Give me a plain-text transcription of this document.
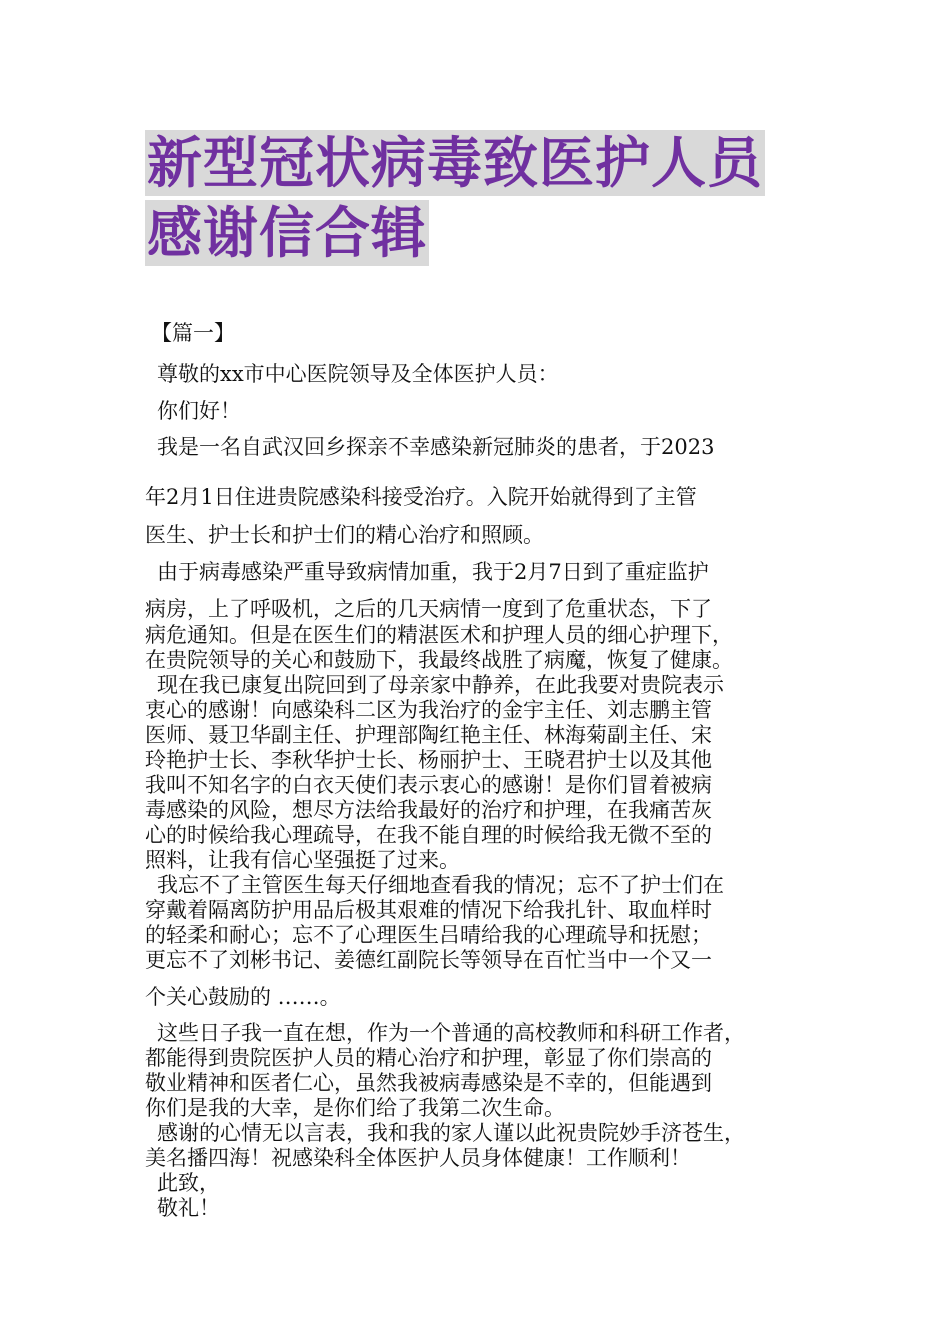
新型冠状病毒致医护人员
感谢信合辑
【篇一】
尊敬的xx市中心医院领导及全体医护人员：
你们好！
我是一名自武汉回乡探亲不幸感染新冠肺炎的患者，于2023
年2月1日住进贵院感染科接受治疗。入院开始就得到了主管
医生、护士长和护士们的精心治疗和照顾。
由于病毒感染严重导致病情加重，我于2月7日到了重症监护
病房，上了呼吸机，之后的几天病情一度到了危重状态，下了
病危通知。但是在医生们的精湛医术和护理人员的细心护理下，
在贵院领导的关心和鼓励下，我最终战胜了病魔，恢复了健康。
现在我已康复出院回到了母亲家中静养，在此我要对贵院表示
衷心的感谢！向感染科二区为我治疗的金宇主任、刘志鹏主管
医师、聂卫华副主任、护理部陶红艳主任、林海菊副主任、宋
玲艳护士长、李秋华护士长、杨丽护士、王晓君护士以及其他
我叫不知名字的白衣天使们表示衷心的感谢！是你们冒着被病
毒感染的风险，想尽方法给我最好的治疗和护理，在我痛苦灰
心的时候给我心理疏导，在我不能自理的时候给我无微不至的
照料，让我有信心坚强挺了过来。
我忘不了主管医生每天仔细地查看我的情况；忘不了护士们在
穿戴着隔离防护用品后极其艰难的情况下给我扎针、取血样时
的轻柔和耐心；忘不了心理医生吕晴给我的心理疏导和抚慰；
更忘不了刘彬书记、姜德红副院长等领导在百忙当中一个又一
个关心鼓励的 ……。
这些日子我一直在想，作为一个普通的高校教师和科研工作者，
都能得到贵院医护人员的精心治疗和护理，彰显了你们崇高的
敬业精神和医者仁心，虽然我被病毒感染是不幸的，但能遇到
你们是我的大幸，是你们给了我第二次生命。
感谢的心情无以言表，我和我的家人谨以此祝贵院妙手济苍生，
美名播四海！祝感染科全体医护人员身体健康！工作顺利！
此致，
敬礼！
